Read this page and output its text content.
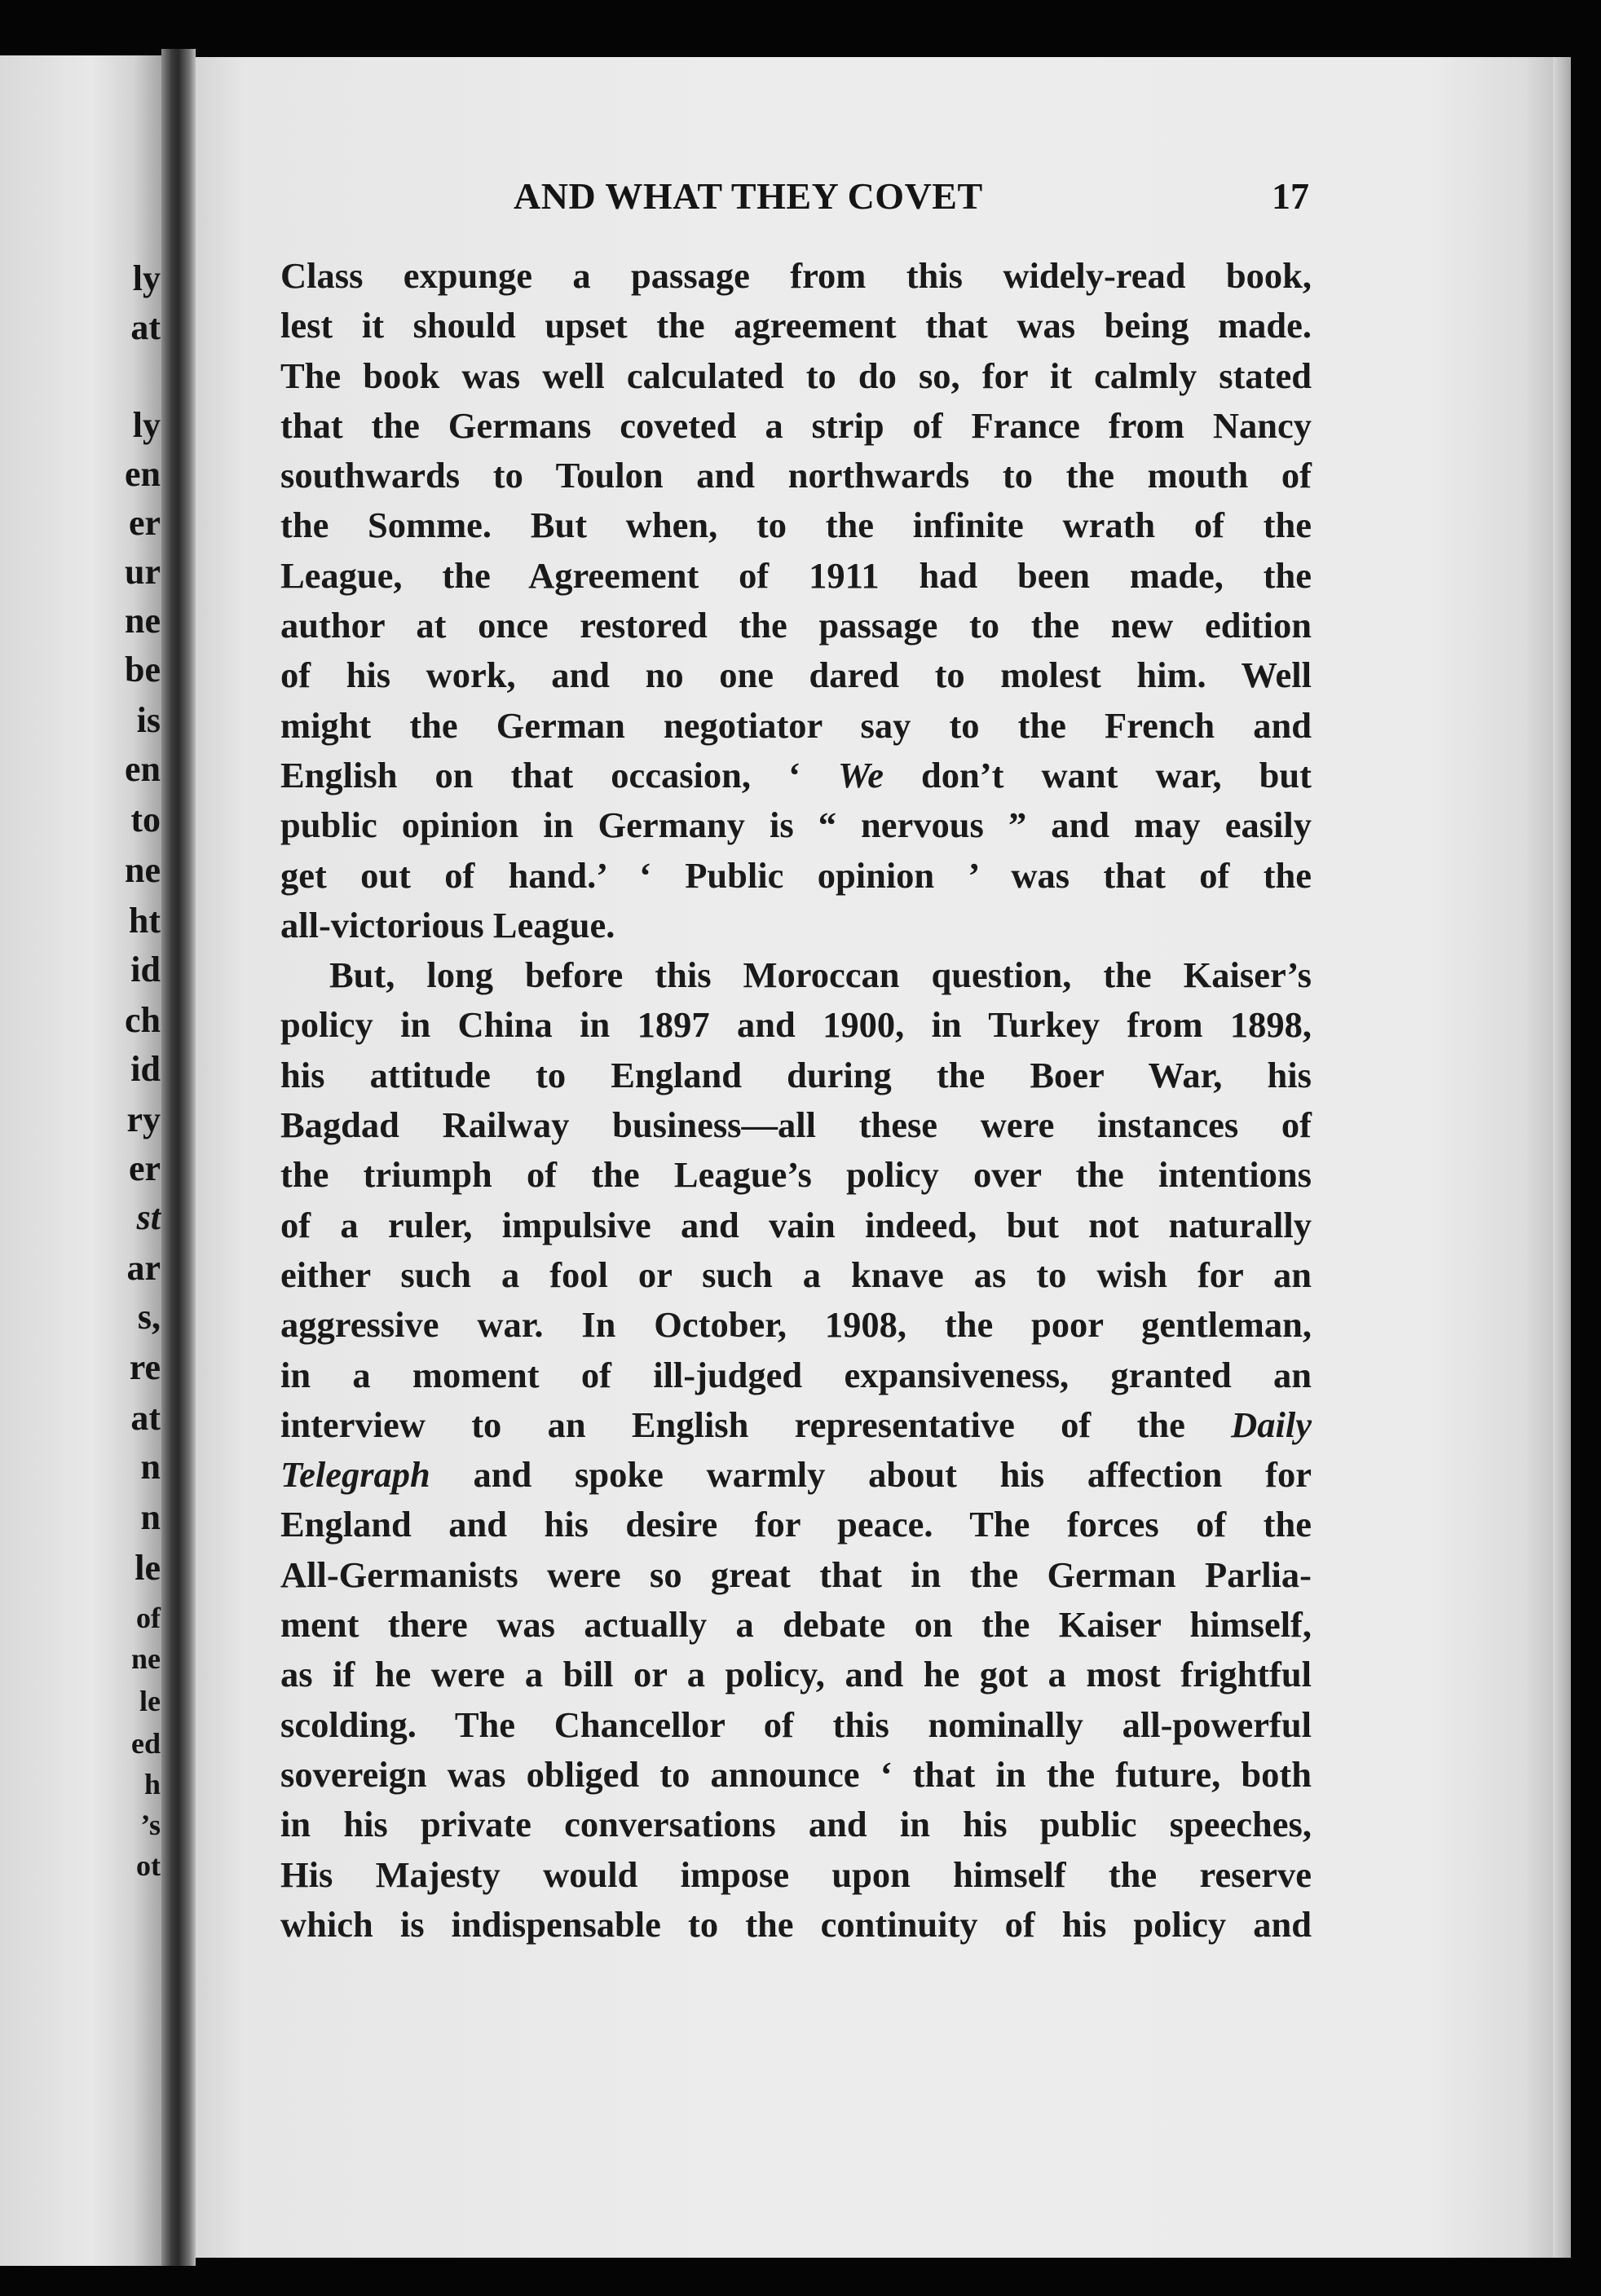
ly
at
ly
en
er
ur
ne
be
is
en
to
ne
ht
id
ch
id
ry
er
st
ar
s,
re
at
n
n
le
of
ne
le
ed
h
’s
ot
AND WHAT THEY COVET	17
Class expunge a passage from this widely-read book,
lest it should upset the agreement that was being made.
The book was well calculated to do so, for it calmly stated
that the Germans coveted a strip of France from Nancy
southwards to Toulon and northwards to the mouth of
the Somme. But when, to the infinite wrath of the
League, the Agreement of 1911 had been made, the
author at once restored the passage to the new edition
of his work, and no one dared to molest him. Well
might the German negotiator say to the French and
English on that occasion, ‘ We don’t want war, but
public opinion in Germany is “ nervous ” and may easily
get out of hand.’ ‘ Public opinion ’ was that of the
all-victorious League.
But, long before this Moroccan question, the Kaiser’s
policy in China in 1897 and 1900, in Turkey from 1898,
his attitude to England during the Boer War, his
Bagdad Railway business—all these were instances of
the triumph of the League’s policy over the intentions
of a ruler, impulsive and vain indeed, but not naturally
either such a fool or such a knave as to wish for an
aggressive war. In October, 1908, the poor gentleman,
in a moment of ill-judged expansiveness, granted an
interview to an English representative of the Daily
Telegraph and spoke warmly about his affection for
England and his desire for peace. The forces of the
All-Germanists were so great that in the German Parlia-
ment there was actually a debate on the Kaiser himself,
as if he were a bill or a policy, and he got a most frightful
scolding. The Chancellor of this nominally all-powerful
sovereign was obliged to announce ‘ that in the future, both
in his private conversations and in his public speeches,
His Majesty would impose upon himself the reserve
which is indispensable to the continuity of his policy and
